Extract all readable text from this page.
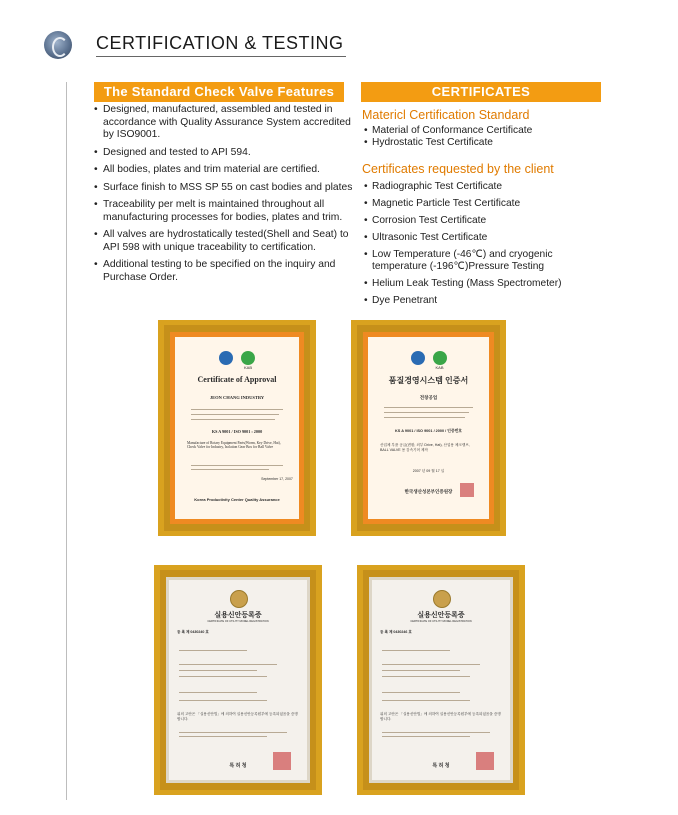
CERTIFICATION & TESTING
The Standard Check Valve Features	CERTIFICATES
• Designed, manufactured, assembled and tested in accordance with Quality Assurance System accredited by ISO9001.
• Designed and tested to API 594.
• All bodies, plates and trim material are certified.
• Surface finish to MSS SP 55 on cast bodies and plates
• Traceability per melt is maintained throughout all manufacturing processes for bodies, plates and trim.
• All valves are hydrostatically tested(Shell and Seat) to API 598 with unique traceability to certification.
• Additional testing to be specified on the inquiry and Purchase Order.
Matericl Certification Standard
• Material of Conformance Certificate
• Hydrostatic Test Certificate
Certificates requested by the client
• Radiographic Test Certificate
• Magnetic Particle Test Certificate
• Corrosion Test Certificate
• Ultrasonic Test Certificate
• Low Temperature (-46℃) and cryogenic temperature (-196℃)Pressure Testing
• Helium Leak Testing (Mass Spectrometer)
• Dye Penetrant
KAB
Certificate of Approval
JEON CHANG INDUSTRY
KS A 9001 / ISO 9001 : 2000
Manufacture of Rotary Equipment Parts(Worm, Key Drive, Hat), Check Valve for Industry, Isolation Gear Box for Ball Valve
September 17, 2007
Korea Productivity Center Quality Assurance
KAB
품질경영시스템 인증서
전창공업
KS A 9001 / ISO 9001 / 2000 / 인증번호
산업체 부품 공급(변환, 외부 Drive, Hat), 산업용 체크밸브, BALL VALVE 용 감속기어 제작
2007 년 09 월 17 일
한국생산성본부인증원장
실용신안등록증
CERTIFICATE OF UTILITY MODEL REGISTRATION
등 록 제 0430240 호
위의 고안은 「실용신안법」에 의하여 실용신안등록원부에 등록되었음을 증명합니다.
특 허 청
실용신안등록증
CERTIFICATE OF UTILITY MODEL REGISTRATION
등 록 제 0430246 호
위의 고안은 「실용신안법」에 의하여 실용신안등록원부에 등록되었음을 증명합니다.
특 허 청
